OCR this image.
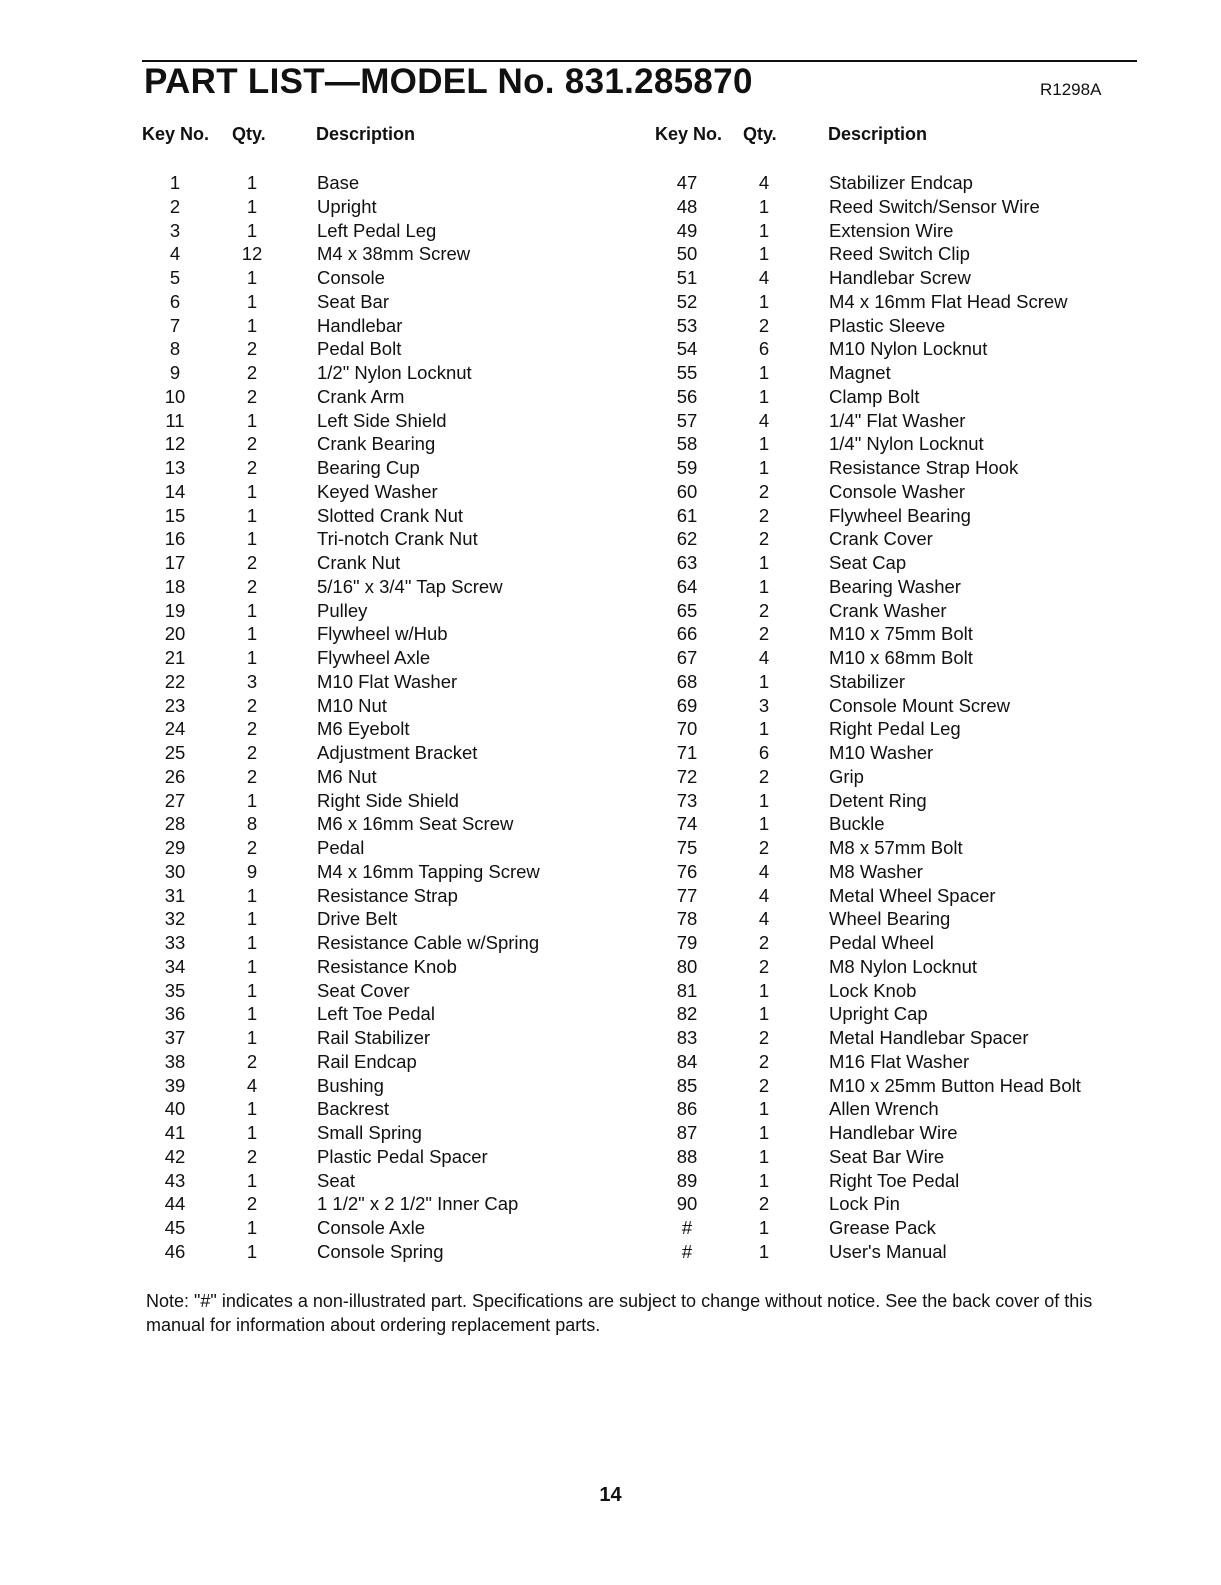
PART LIST—MODEL No. 831.285870	R1298A
Key No. Qty.	Description	Key No. Qty.	Description
1	1	Base
2	1	Upright
3	1	Left Pedal Leg
4	12	M4 x 38mm Screw
5	1	Console
6	1	Seat Bar
7	1	Handlebar
8	2	Pedal Bolt
9	2	1/2" Nylon Locknut
10	2	Crank Arm
11	1	Left Side Shield
12	2	Crank Bearing
13	2	Bearing Cup
14	1	Keyed Washer
15	1	Slotted Crank Nut
16	1	Tri-notch Crank Nut
17	2	Crank Nut
18	2	5/16" x 3/4" Tap Screw
19	1	Pulley
20	1	Flywheel w/Hub
21	1	Flywheel Axle
22	3	M10 Flat Washer
23	2	M10 Nut
24	2	M6 Eyebolt
25	2	Adjustment Bracket
26	2	M6 Nut
27	1	Right Side Shield
28	8	M6 x 16mm Seat Screw
29	2	Pedal
30	9	M4 x 16mm Tapping Screw
31	1	Resistance Strap
32	1	Drive Belt
33	1	Resistance Cable w/Spring
34	1	Resistance Knob
35	1	Seat Cover
36	1	Left Toe Pedal
37	1	Rail Stabilizer
38	2	Rail Endcap
39	4	Bushing
40	1	Backrest
41	1	Small Spring
42	2	Plastic Pedal Spacer
43	1	Seat
44	2	1 1/2" x 2 1/2" Inner Cap
45	1	Console Axle
46	1	Console Spring
47	4	Stabilizer Endcap
48	1	Reed Switch/Sensor Wire
49	1	Extension Wire
50	1	Reed Switch Clip
51	4	Handlebar Screw
52	1	M4 x 16mm Flat Head Screw
53	2	Plastic Sleeve
54	6	M10 Nylon Locknut
55	1	Magnet
56	1	Clamp Bolt
57	4	1/4" Flat Washer
58	1	1/4" Nylon Locknut
59	1	Resistance Strap Hook
60	2	Console Washer
61	2	Flywheel Bearing
62	2	Crank Cover
63	1	Seat Cap
64	1	Bearing Washer
65	2	Crank Washer
66	2	M10 x 75mm Bolt
67	4	M10 x 68mm Bolt
68	1	Stabilizer
69	3	Console Mount Screw
70	1	Right Pedal Leg
71	6	M10 Washer
72	2	Grip
73	1	Detent Ring
74	1	Buckle
75	2	M8 x 57mm Bolt
76	4	M8 Washer
77	4	Metal Wheel Spacer
78	4	Wheel Bearing
79	2	Pedal Wheel
80	2	M8 Nylon Locknut
81	1	Lock Knob
82	1	Upright Cap
83	2	Metal Handlebar Spacer
84	2	M16 Flat Washer
85	2	M10 x 25mm Button Head Bolt
86	1	Allen Wrench
87	1	Handlebar Wire
88	1	Seat Bar Wire
89	1	Right Toe Pedal
90	2	Lock Pin
#	1	Grease Pack
#	1	User's Manual
Note: "#" indicates a non-illustrated part. Specifications are subject to change without notice. See the back cover of this manual for information about ordering replacement parts.
14
